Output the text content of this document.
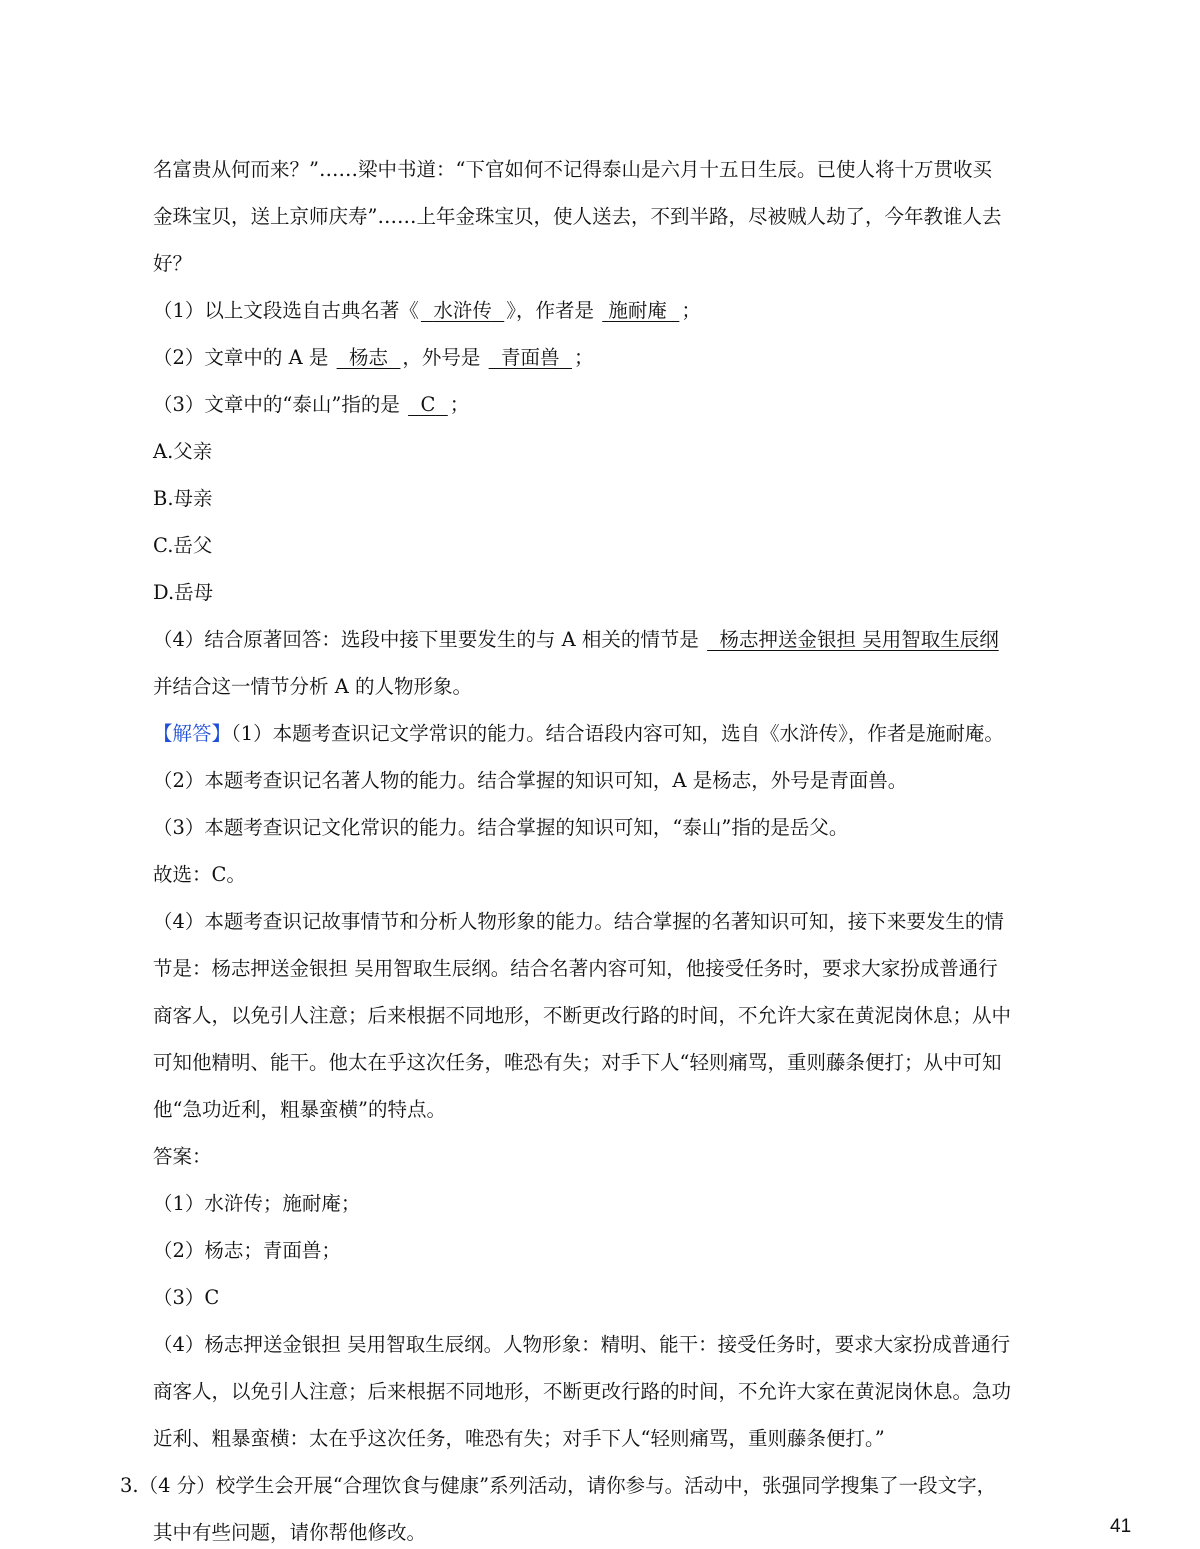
名富贵从何而来？”……梁中书道：“下官如何不记得泰山是六月十五日生辰。已使人将十万贯收买
金珠宝贝，送上京师庆寿”……上年金珠宝贝，使人送去，不到半路，尽被贼人劫了，今年教谁人去
好？
（1）以上文段选自古典名著《 水浒传 》，作者是 施耐庵 ；
（2）文章中的 A 是 杨志 ，外号是 青面兽 ；
（3）文章中的“泰山”指的是 C ；
A.父亲
B.母亲
C.岳父
D.岳母
（4）结合原著回答：选段中接下里要发生的与 A 相关的情节是 杨志押送金银担 吴用智取生辰纲
并结合这一情节分析 A 的人物形象。
【解答】（1）本题考查识记文学常识的能力。结合语段内容可知，选自《水浒传》，作者是施耐庵。
（2）本题考查识记名著人物的能力。结合掌握的知识可知，A 是杨志，外号是青面兽。
（3）本题考查识记文化常识的能力。结合掌握的知识可知，“泰山”指的是岳父。
故选：C。
（4）本题考查识记故事情节和分析人物形象的能力。结合掌握的名著知识可知，接下来要发生的情
节是：杨志押送金银担 吴用智取生辰纲。结合名著内容可知，他接受任务时，要求大家扮成普通行
商客人，以免引人注意；后来根据不同地形，不断更改行路的时间，不允许大家在黄泥岗休息；从中
可知他精明、能干。他太在乎这次任务，唯恐有失；对手下人“轻则痛骂，重则藤条便打；从中可知
他“急功近利，粗暴蛮横”的特点。
答案：
（1）水浒传；施耐庵；
（2）杨志；青面兽；
（3）C
（4）杨志押送金银担 吴用智取生辰纲。人物形象：精明、能干：接受任务时，要求大家扮成普通行
商客人，以免引人注意；后来根据不同地形，不断更改行路的时间，不允许大家在黄泥岗休息。急功
近利、粗暴蛮横：太在乎这次任务，唯恐有失；对手下人“轻则痛骂，重则藤条便打。”
3.（4 分）校学生会开展“合理饮食与健康”系列活动，请你参与。活动中，张强同学搜集了一段文字，
其中有些问题，请你帮他修改。	41
